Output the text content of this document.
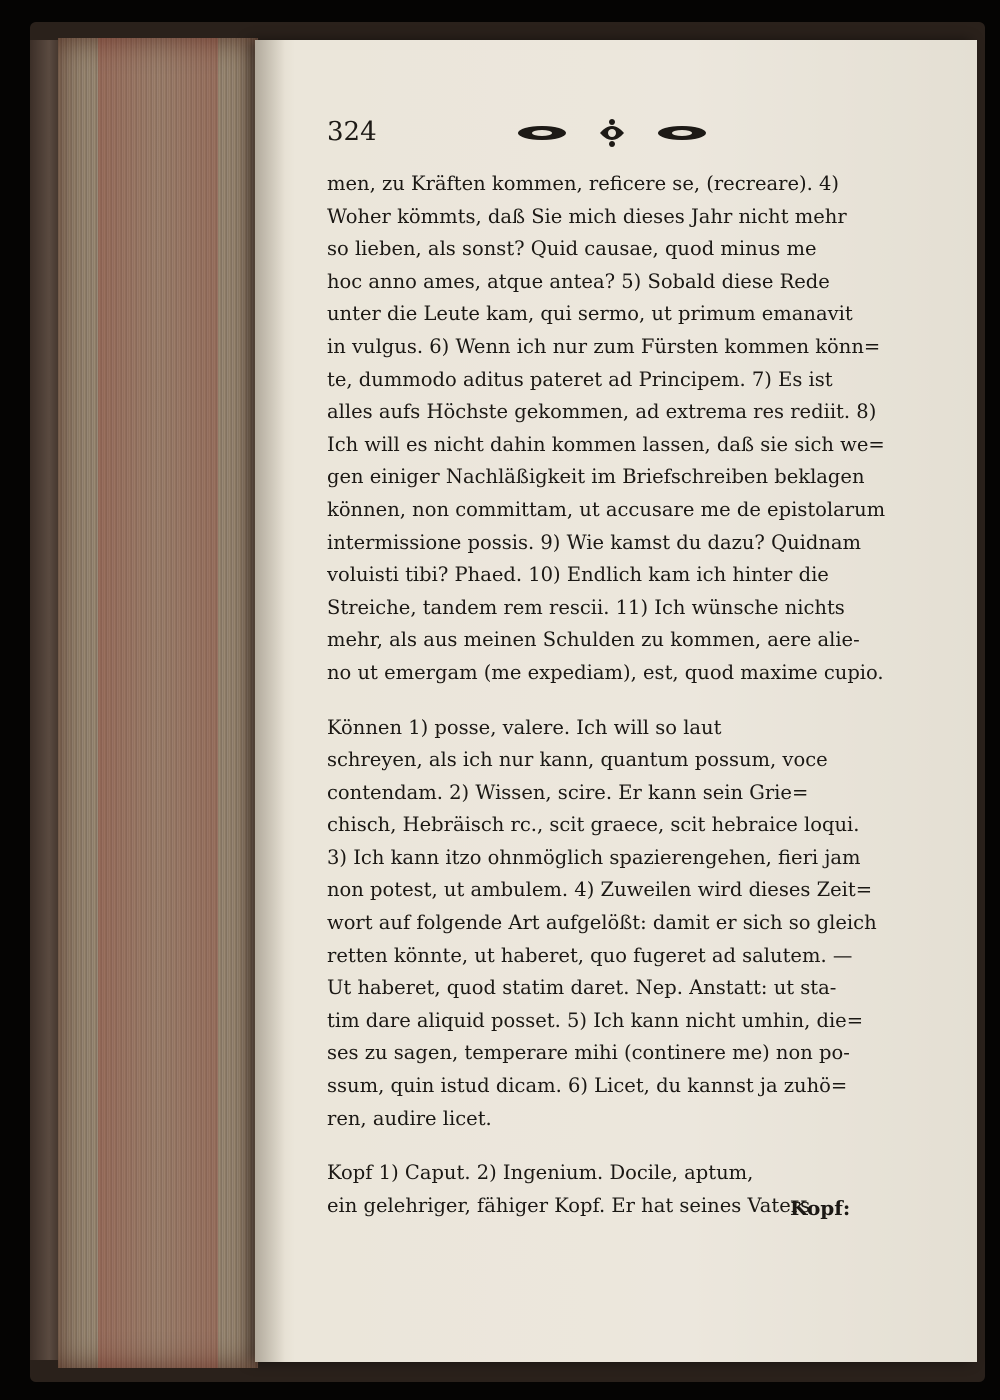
324
men, zu Kräften kommen, reficere se, (recreare). 4)
Woher kömmts, daß Sie mich dieses Jahr nicht mehr
so lieben, als sonst? Quid causae, quod minus me
hoc anno ames, atque antea? 5) Sobald diese Rede
unter die Leute kam, qui sermo, ut primum emanavit
in vulgus. 6) Wenn ich nur zum Fürsten kommen könn=
te, dummodo aditus pateret ad Principem. 7) Es ist
alles aufs Höchste gekommen, ad extrema res rediit. 8)
Ich will es nicht dahin kommen lassen, daß sie sich we=
gen einiger Nachläßigkeit im Briefschreiben beklagen
können, non committam, ut accusare me de epistolarum
intermissione possis. 9) Wie kamst du dazu? Quidnam
voluisti tibi? Phaed. 10) Endlich kam ich hinter die
Streiche, tandem rem rescii. 11) Ich wünsche nichts
mehr, als aus meinen Schulden zu kommen, aere alie-
no ut emergam (me expediam), est, quod maxime cupio.
Können 1) posse, valere. Ich will so laut
schreyen, als ich nur kann, quantum possum, voce
contendam. 2) Wissen, scire. Er kann sein Grie=
chisch, Hebräisch rc., scit graece, scit hebraice loqui.
3) Ich kann itzo ohnmöglich spazierengehen, fieri jam
non potest, ut ambulem. 4) Zuweilen wird dieses Zeit=
wort auf folgende Art aufgelößt: damit er sich so gleich
retten könnte, ut haberet, quo fugeret ad salutem. —
Ut haberet, quod statim daret. Nep. Anstatt: ut sta-
tim dare aliquid posset. 5) Ich kann nicht umhin, die=
ses zu sagen, temperare mihi (continere me) non po-
ssum, quin istud dicam. 6) Licet, du kannst ja zuhö=
ren, audire licet.
Kopf 1) Caput. 2) Ingenium. Docile, aptum,
ein gelehriger, fähiger Kopf. Er hat seines Vaters
Kopf:
